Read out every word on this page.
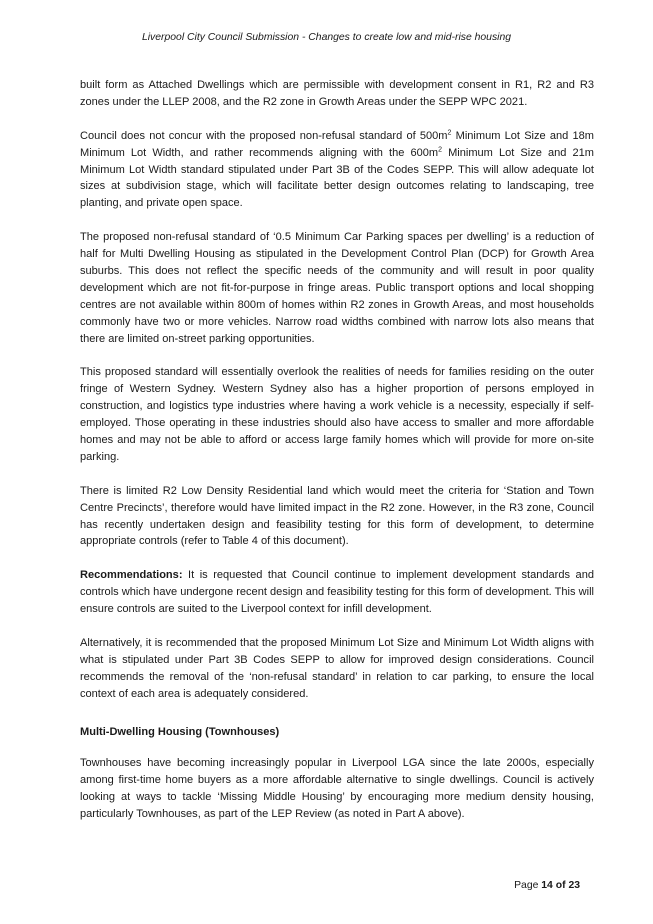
Liverpool City Council Submission - Changes to create low and mid-rise housing

built form as Attached Dwellings which are permissible with development consent in R1, R2 and R3 zones under the LLEP 2008, and the R2 zone in Growth Areas under the SEPP WPC 2021.

Council does not concur with the proposed non-refusal standard of $500m^2$ Minimum Lot Size and 18m Minimum Lot Width, and rather recommends aligning with the $600m^2$ Minimum Lot Size and 21m Minimum Lot Width standard stipulated under Part 3B of the Codes SEPP. This will allow adequate lot sizes at subdivision stage, which will facilitate better design outcomes relating to landscaping, tree planting, and private open space.

The proposed non-refusal standard of ‘0.5 Minimum Car Parking spaces per dwelling’ is a reduction of half for Multi Dwelling Housing as stipulated in the Development Control Plan (DCP) for Growth Area suburbs. This does not reflect the specific needs of the community and will result in poor quality development which are not fit-for-purpose in fringe areas. Public transport options and local shopping centres are not available within 800m of homes within R2 zones in Growth Areas, and most households commonly have two or more vehicles. Narrow road widths combined with narrow lots also means that there are limited on-street parking opportunities.

This proposed standard will essentially overlook the realities of needs for families residing on the outer fringe of Western Sydney. Western Sydney also has a higher proportion of persons employed in construction, and logistics type industries where having a work vehicle is a necessity, especially if self-employed. Those operating in these industries should also have access to smaller and more affordable homes and may not be able to afford or access large family homes which will provide for more on-site parking.

There is limited R2 Low Density Residential land which would meet the criteria for ‘Station and Town Centre Precincts’, therefore would have limited impact in the R2 zone. However, in the R3 zone, Council has recently undertaken design and feasibility testing for this form of development, to determine appropriate controls (refer to Table 4 of this document).

Recommendations: It is requested that Council continue to implement development standards and controls which have undergone recent design and feasibility testing for this form of development. This will ensure controls are suited to the Liverpool context for infill development.

Alternatively, it is recommended that the proposed Minimum Lot Size and Minimum Lot Width aligns with what is stipulated under Part 3B Codes SEPP to allow for improved design considerations. Council recommends the removal of the ‘non-refusal standard’ in relation to car parking, to ensure the local context of each area is adequately considered.

Multi-Dwelling Housing (Townhouses)

Townhouses have becoming increasingly popular in Liverpool LGA since the late 2000s, especially among first-time home buyers as a more affordable alternative to single dwellings. Council is actively looking at ways to tackle ‘Missing Middle Housing’ by encouraging more medium density housing, particularly Townhouses, as part of the LEP Review (as noted in Part A above).

Page 14 of 23
